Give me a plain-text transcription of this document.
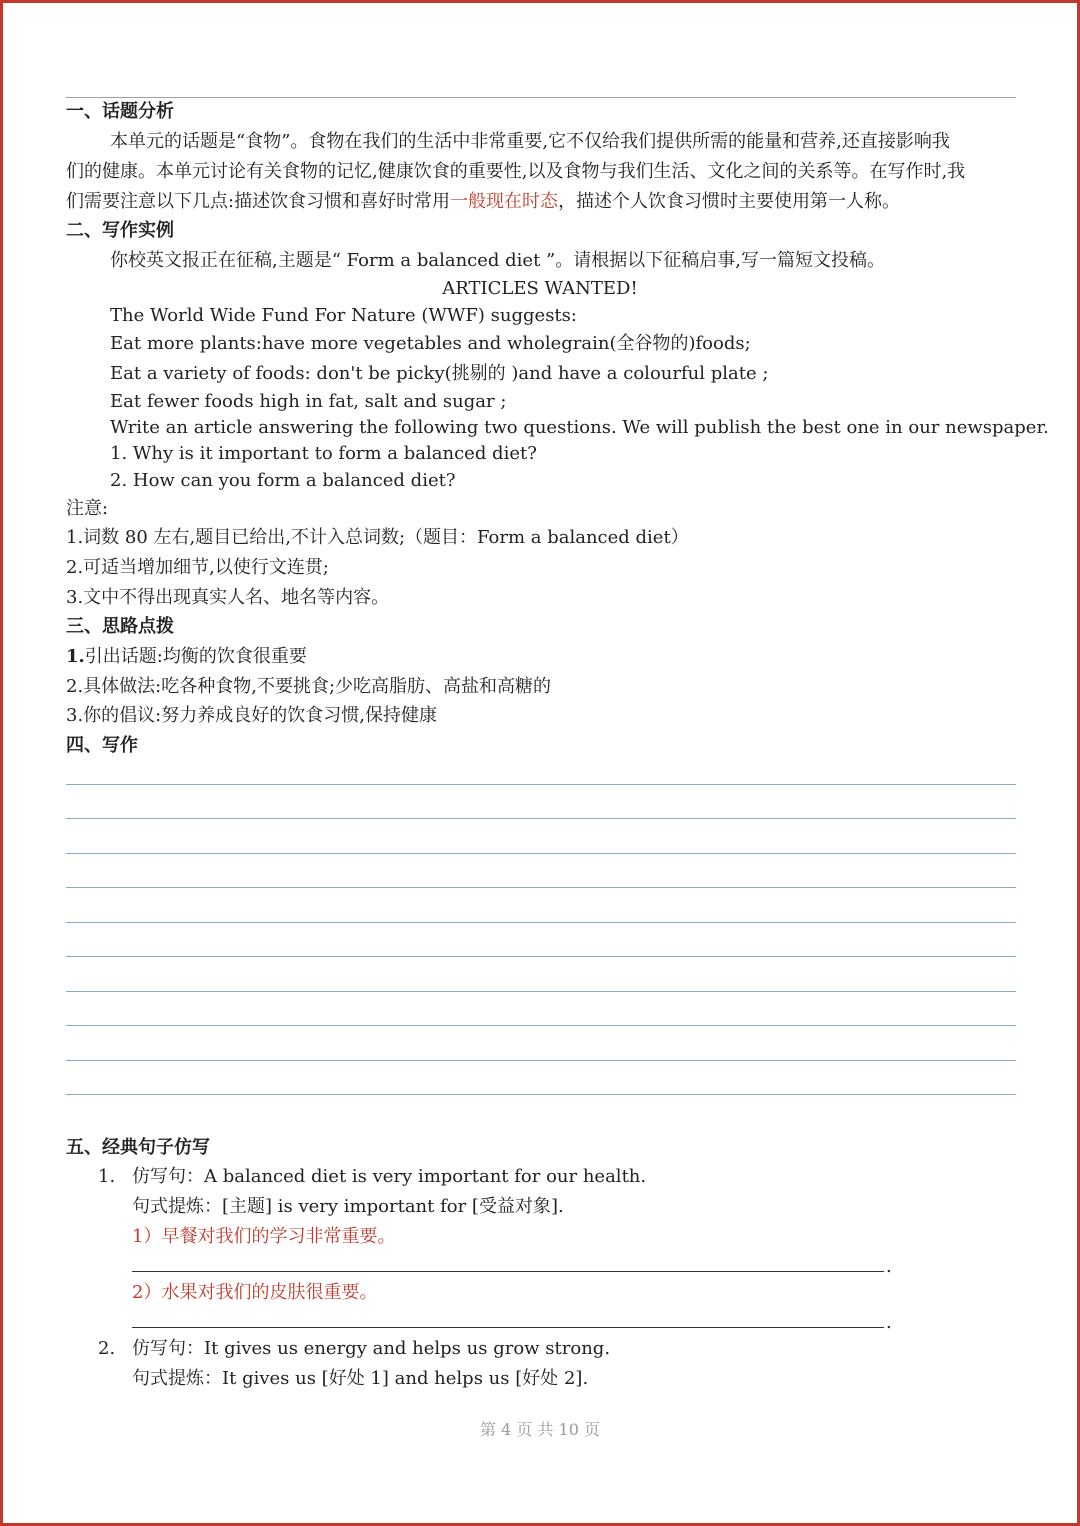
一、话题分析
本单元的话题是“食物”。食物在我们的生活中非常重要,它不仅给我们提供所需的能量和营养,还直接影响我
们的健康。本单元讨论有关食物的记忆,健康饮食的重要性,以及食物与我们生活、文化之间的关系等。在写作时,我
们需要注意以下几点:描述饮食习惯和喜好时常用一般现在时态，描述个人饮食习惯时主要使用第一人称。
二、写作实例
你校英文报正在征稿,主题是“ Form a balanced diet ”。请根据以下征稿启事,写一篇短文投稿。
ARTICLES WANTED!
The World Wide Fund For Nature (WWF) suggests:
Eat more plants:have more vegetables and wholegrain(全谷物的)foods;
Eat a variety of foods: don't be picky(挑剔的 )and have a colourful plate ;
Eat fewer foods high in fat, salt and sugar ;
Write an article answering the following two questions. We will publish the best one in our newspaper.
1. Why is it important to form a balanced diet?
2. How can you form a balanced diet?
注意:
1.词数 80 左右,题目已给出,不计入总词数;（题目：Form a balanced diet）
2.可适当增加细节,以使行文连贯;
3.文中不得出现真实人名、地名等内容。
三、思路点拨
1.引出话题:均衡的饮食很重要
2.具体做法:吃各种食物,不要挑食;少吃高脂肪、高盐和高糖的
3.你的倡议:努力养成良好的饮食习惯,保持健康
四、写作
五、经典句子仿写
1. 仿写句：A balanced diet is very important for our health.
句式提炼：[主题] is very important for [受益对象].
1）早餐对我们的学习非常重要。
.
2）水果对我们的皮肤很重要。
.
2. 仿写句：It gives us energy and helps us grow strong.
句式提炼：It gives us [好处 1] and helps us [好处 2].
第 4 页 共 10 页
